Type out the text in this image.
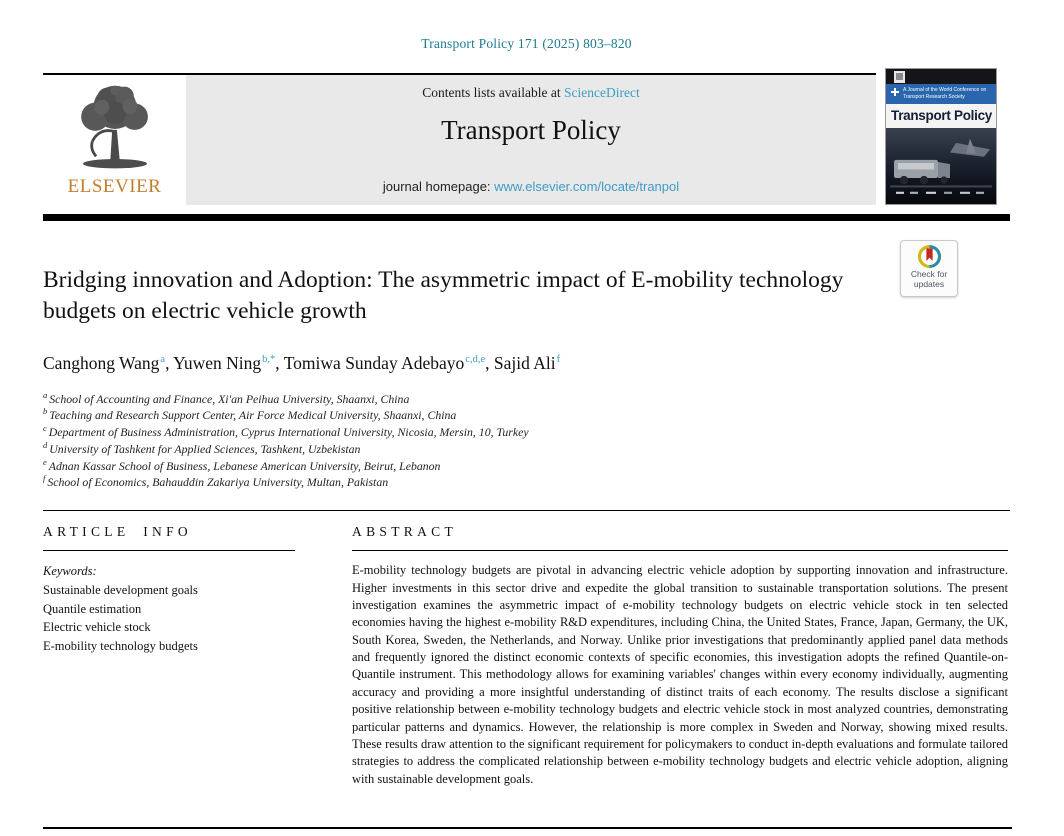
Transport Policy 171 (2025) 803–820
ELSEVIER
Contents lists available at ScienceDirect
Transport Policy
journal homepage: www.elsevier.com/locate/tranpol
A Journal of the World Conference on Transport Research Society
Transport Policy
Check for
updates
Bridging innovation and Adoption: The asymmetric impact of E-mobility technology budgets on electric vehicle growth
Canghong Wang$^a$, Yuwen Ning$^{b,*}$, Tomiwa Sunday Adebayo$^{c,d,e}$, Sajid Ali$^f$
$^a$ School of Accounting and Finance, Xi'an Peihua University, Shaanxi, China
$^b$ Teaching and Research Support Center, Air Force Medical University, Shaanxi, China
$^c$ Department of Business Administration, Cyprus International University, Nicosia, Mersin, 10, Turkey
$^d$ University of Tashkent for Applied Sciences, Tashkent, Uzbekistan
$^e$ Adnan Kassar School of Business, Lebanese American University, Beirut, Lebanon
$^f$ School of Economics, Bahauddin Zakariya University, Multan, Pakistan
ARTICLE INFO
Keywords:
Sustainable development goals
Quantile estimation
Electric vehicle stock
E-mobility technology budgets
ABSTRACT
E-mobility technology budgets are pivotal in advancing electric vehicle adoption by supporting innovation and infrastructure. Higher investments in this sector drive and expedite the global transition to sustainable transportation solutions. The present investigation examines the asymmetric impact of e-mobility technology budgets on electric vehicle stock in ten selected economies having the highest e-mobility R&D expenditures, including China, the United States, France, Japan, Germany, the UK, South Korea, Sweden, the Netherlands, and Norway. Unlike prior investigations that predominantly applied panel data methods and frequently ignored the distinct economic contexts of specific economies, this investigation adopts the refined Quantile-on-Quantile instrument. This methodology allows for examining variables' changes within every economy individually, augmenting accuracy and providing a more insightful understanding of distinct traits of each economy. The results disclose a significant positive relationship between e-mobility technology budgets and electric vehicle stock in most analyzed countries, demonstrating particular patterns and dynamics. However, the relationship is more complex in Sweden and Norway, showing mixed results. These results draw attention to the significant requirement for policymakers to conduct in-depth evaluations and formulate tailored strategies to address the complicated relationship between e-mobility technology budgets and electric vehicle adoption, aligning with sustainable development goals.
